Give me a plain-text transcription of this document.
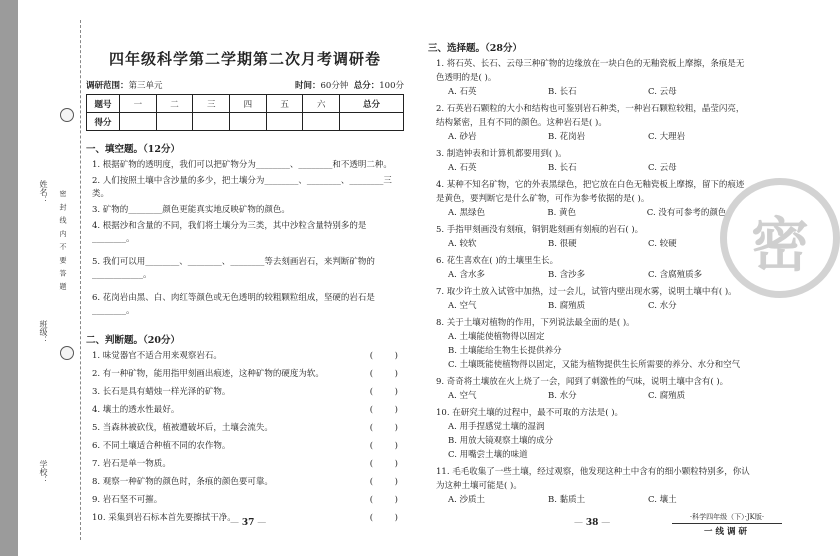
姓名：
班级：
学校：
密 封 线 内 不 要 答 题
四年级科学第二学期第二次月考调研卷
调研范围：第三单元	时间：60分钟 总分：100分
题号	一	二	三	四	五	六	总分
得分							
一、填空题。（12分）
1. 根据矿物的透明度，我们可以把矿物分为________、________和不透明二种。
2. 人们按照土壤中含沙量的多少，把土壤分为________、________、________三类。
3. 矿物的________颜色更能真实地反映矿物的颜色。
4. 根据沙和含量的不同，我们将土壤分为三类，其中沙粒含量特别多的是________。
5. 我们可以用________、________、________等去刻画岩石，来判断矿物的____________。
6. 花岗岩由黑、白、肉红等颜色或无色透明的较粗颗粒组成，坚硬的岩石是________。
二、判断题。（20分）
1. 味觉器官不适合用来观察岩石。	(        )
2. 有一种矿物，能用指甲刻画出痕迹，这种矿物的硬度为软。	(        )
3. 长石是具有蜡烛一样光泽的矿物。	(        )
4. 壤土的透水性最好。	(        )
5. 当森林被砍伐，植被遭破坏后，土壤会流失。	(        )
6. 不同土壤适合种植不同的农作物。	(        )
7. 岩石是单一物质。	(        )
8. 观察一种矿物的颜色时，条痕的颜色要可靠。	(        )
9. 岩石坚不可摧。	(        )
10. 采集到岩石标本首先要擦拭干净。	(        )
— 37 —
三、选择题。（28分）
1. 将石英、长石、云母三种矿物的边缘放在一块白色的无釉瓷板上摩擦，条痕是无
色透明的是( )。
A. 石英	B. 长石	C. 云母
2. 石英岩石颗粒的大小和结构也可鉴别岩石种类，一种岩石颗粒较粗，晶莹闪亮，
结构紧密，且有不同的颜色。这种岩石是( )。
A. 砂岩	B. 花岗岩	C. 大理岩
3. 制造钟表和计算机都要用到( )。
A. 石英	B. 长石	C. 云母
4. 某种不知名矿物，它的外表黑绿色，把它放在白色无釉瓷板上摩擦，留下的痕迹
是黄色，要判断它是什么矿物，可作为参考依据的是( )。
A. 黑绿色	B. 黄色	C. 没有可参考的颜色
5. 手指甲刻画没有刻痕，铜钥匙刻画有刻痕的岩石( )。
A. 较软	B. 很硬	C. 较硬
6. 花生喜欢在( )的土壤里生长。
A. 含水多	B. 含沙多	C. 含腐殖质多
7. 取少许土放入试管中加热，过一会儿，试管内壁出现水雾，说明土壤中有( )。
A. 空气	B. 腐殖质	C. 水分
8. 关于土壤对植物的作用，下列说法最全面的是( )。
A. 土壤能使植物得以固定
B. 土壤能给生物生长提供养分
C. 土壤既能使植物得以固定，又能为植物提供生长所需要的养分、水分和空气
9. 奇奇将土壤放在火上烧了一会，闻到了刺激性的气味，说明土壤中含有( )。
A. 空气	B. 水分	C. 腐殖质
10. 在研究土壤的过程中，最不可取的方法是( )。
A. 用手捏感觉土壤的湿润
B. 用放大镜观察土壤的成分
C. 用嘴尝土壤的味道
11. 毛毛收集了一些土壤，经过观察，他发现这种土中含有的细小颗粒特别多，你认
为这种土壤可能是( )。
A. 沙质土	B. 黏质土	C. 壤土
— 38 —
·科学四年级（下）·JK版·
一线调研
密
